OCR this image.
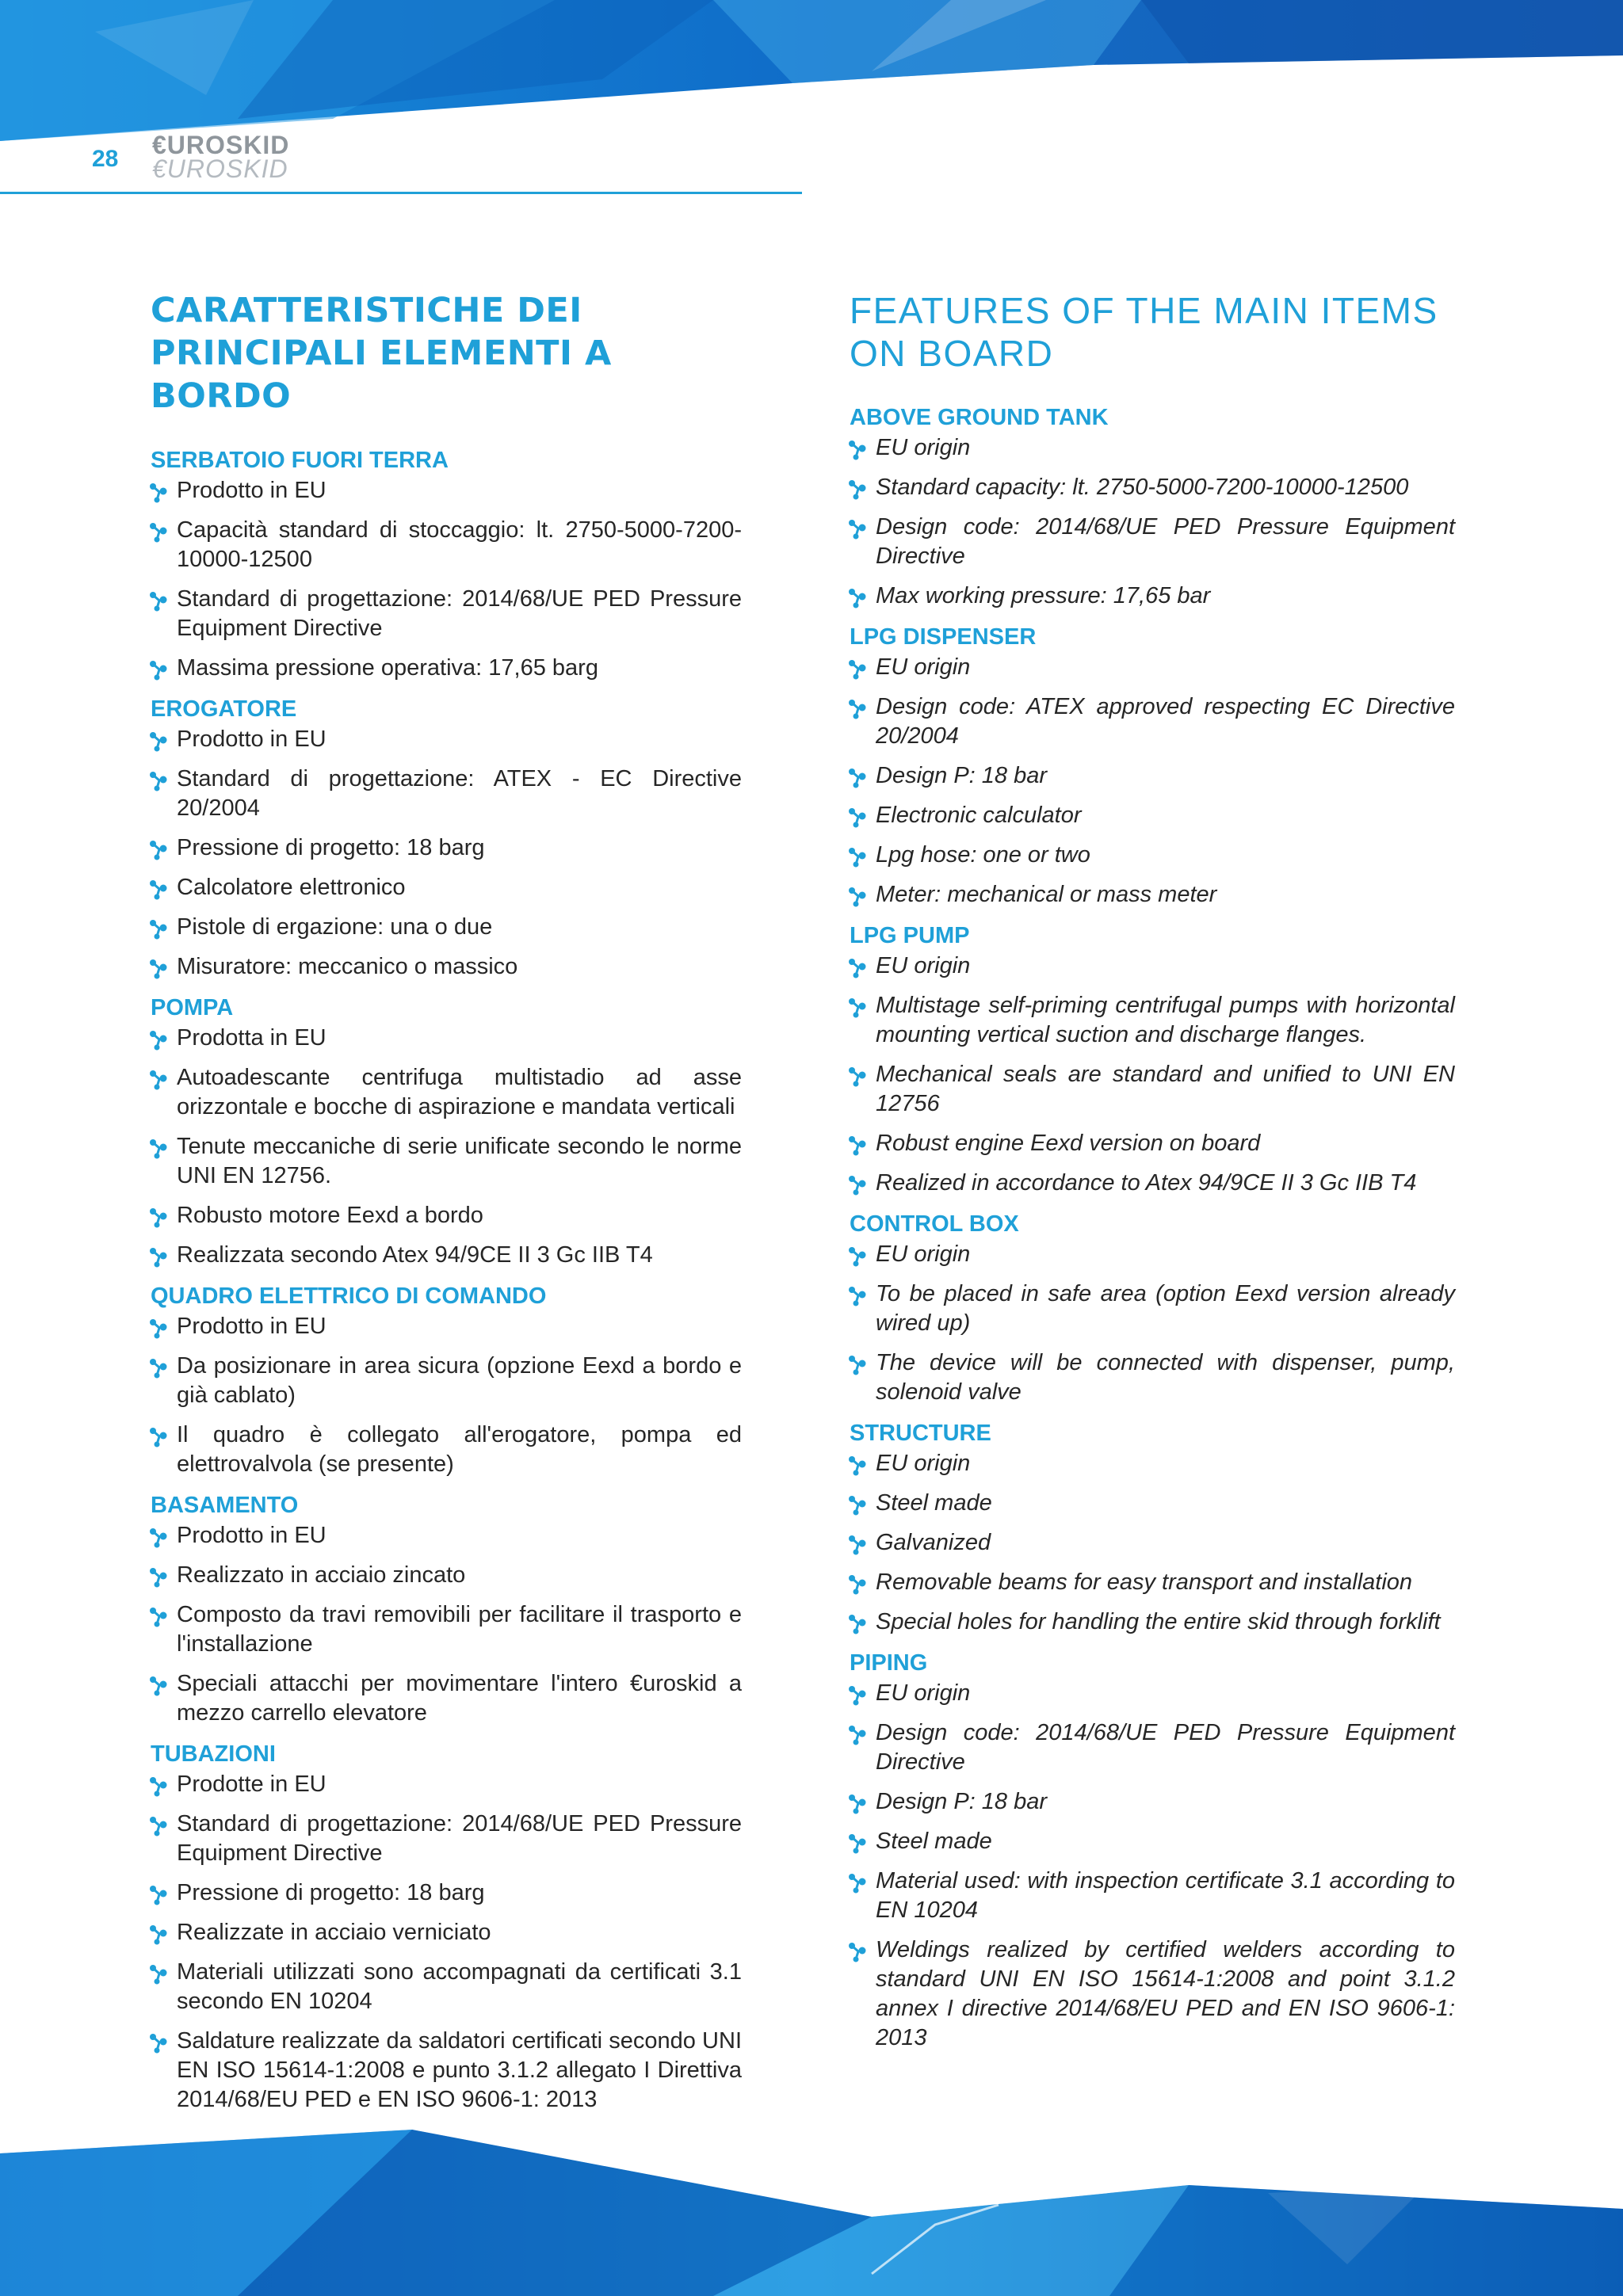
28 €UROSKID
€UROSKID
CARATTERISTICHE DEI
PRINCIPALI ELEMENTI A BORDO
SERBATOIO FUORI TERRA
Prodotto in EU
Capacità standard di stoccaggio: lt. 2750-5000-7200-10000-12500
Standard di progettazione: 2014/68/UE PED Pressure Equipment Directive
Massima pressione operativa: 17,65 barg
EROGATORE
Prodotto in EU
Standard di progettazione: ATEX - EC Directive 20/2004
Pressione di progetto: 18 barg
Calcolatore elettronico
Pistole di ergazione: una o due
Misuratore: meccanico o massico
POMPA
Prodotta in EU
Autoadescante centrifuga multistadio ad asse orizzontale e bocche di aspirazione e mandata verticali
Tenute meccaniche di serie unificate secondo le norme UNI EN 12756.
Robusto motore Eexd a bordo
Realizzata secondo Atex 94/9CE II 3 Gc IIB T4
QUADRO ELETTRICO DI COMANDO
Prodotto in EU
Da posizionare in area sicura (opzione Eexd a bordo e già cablato)
Il quadro è collegato all'erogatore, pompa ed elettrovalvola (se presente)
BASAMENTO
Prodotto in EU
Realizzato in acciaio zincato
Composto da travi removibili per facilitare il trasporto e l'installazione
Speciali attacchi per movimentare l'intero €uroskid a mezzo carrello elevatore
TUBAZIONI
Prodotte in EU
Standard di progettazione: 2014/68/UE PED Pressure Equipment Directive
Pressione di progetto: 18 barg
Realizzate in acciaio verniciato
Materiali utilizzati sono accompagnati da certificati 3.1 secondo EN 10204
Saldature realizzate da saldatori certificati secondo UNI EN ISO 15614-1:2008 e punto 3.1.2 allegato I Direttiva 2014/68/EU PED e EN ISO 9606-1: 2013
FEATURES OF THE MAIN ITEMS
ON BOARD
ABOVE GROUND TANK
EU origin
Standard capacity: lt. 2750-5000-7200-10000-12500
Design code: 2014/68/UE PED Pressure Equipment Directive
Max working pressure: 17,65 bar
LPG DISPENSER
EU origin
Design code: ATEX approved respecting EC Directive 20/2004
Design P: 18 bar
Electronic calculator
Lpg hose: one or two
Meter: mechanical or mass meter
LPG PUMP
EU origin
Multistage self-priming centrifugal pumps with horizontal mounting vertical suction and discharge flanges.
Mechanical seals are standard and unified to UNI EN 12756
Robust engine Eexd version on board
Realized in accordance to Atex 94/9CE II 3 Gc IIB T4
CONTROL BOX
EU origin
To be placed in safe area (option Eexd version already wired up)
The device will be connected with dispenser, pump, solenoid valve
STRUCTURE
EU origin
Steel made
Galvanized
Removable beams for easy transport and installation
Special holes for handling the entire skid through forklift
PIPING
EU origin
Design code: 2014/68/UE PED Pressure Equipment Directive
Design P: 18 bar
Steel made
Material used: with inspection certificate 3.1 according to EN 10204
Weldings realized by certified welders according to standard UNI EN ISO 15614-1:2008 and point 3.1.2 annex I directive 2014/68/EU PED and EN ISO 9606-1: 2013
